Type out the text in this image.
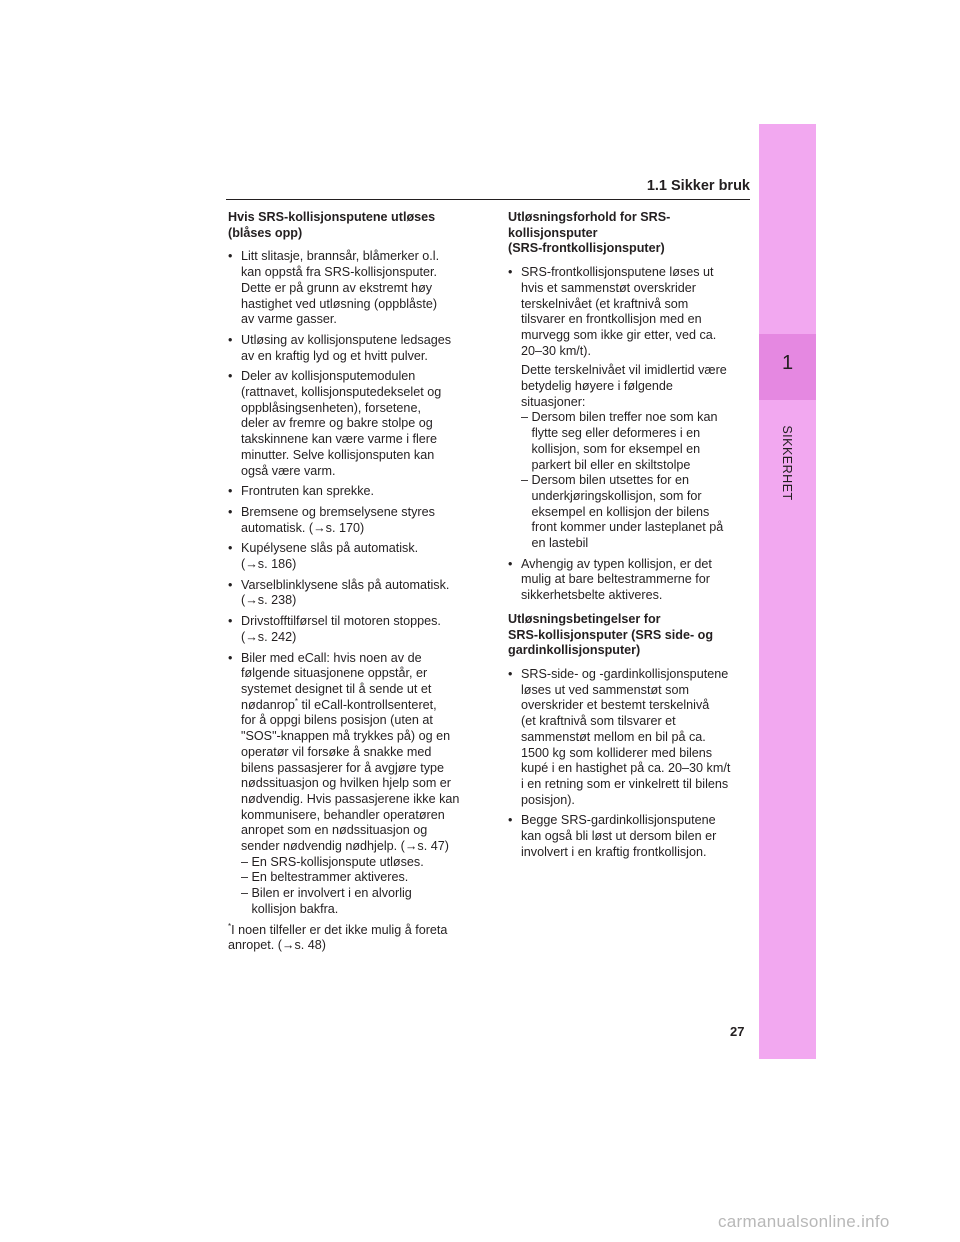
1
SIKKERHET
1.1 Sikker bruk
Hvis SRS-kollisjonsputene utløses
(blåses opp)
• Litt slitasje, brannsår, blåmerker o.l.
kan oppstå fra SRS-kollisjonsputer.
Dette er på grunn av ekstremt høy
hastighet ved utløsning (oppblåste)
av varme gasser.
• Utløsing av kollisjonsputene ledsages
av en kraftig lyd og et hvitt pulver.
• Deler av kollisjonsputemodulen
(rattnavet, kollisjonsputedekselet og
oppblåsingsenheten), forsetene,
deler av fremre og bakre stolpe og
takskinnene kan være varme i flere
minutter. Selve kollisjonsputen kan
også være varm.
• Frontruten kan sprekke.
• Bremsene og bremselysene styres
automatisk. (→s. 170)
• Kupélysene slås på automatisk.
(→s. 186)
• Varselblinklysene slås på automatisk.
(→s. 238)
• Drivstofftilførsel til motoren stoppes.
(→s. 242)
• Biler med eCall: hvis noen av de
følgende situasjonene oppstår, er
systemet designet til å sende ut et
nødanrop* til eCall-kontrollsenteret,
for å oppgi bilens posisjon (uten at
"SOS"-knappen må trykkes på) og en
operatør vil forsøke å snakke med
bilens passasjerer for å avgjøre type
nødssituasjon og hvilken hjelp som er
nødvendig. Hvis passasjerene ikke kan
kommunisere, behandler operatøren
anropet som en nødssituasjon og
sender nødvendig nødhjelp. (→s. 47)
– En SRS-kollisjonspute utløses.
– En beltestrammer aktiveres.
– Bilen er involvert i en alvorlig
kollisjon bakfra.
*I noen tilfeller er det ikke mulig å foreta
anropet. (→s. 48)
Utløsningsforhold for SRS-
kollisjonsputer
(SRS-frontkollisjonsputer)
• SRS-frontkollisjonsputene løses ut
hvis et sammenstøt overskrider
terskelnivået (et kraftnivå som
tilsvarer en frontkollisjon med en
murvegg som ikke gir etter, ved ca.
20–30 km/t).
Dette terskelnivået vil imidlertid være
betydelig høyere i følgende
situasjoner:
– Dersom bilen treffer noe som kan
flytte seg eller deformeres i en
kollisjon, som for eksempel en
parkert bil eller en skiltstolpe
– Dersom bilen utsettes for en
underkjøringskollisjon, som for
eksempel en kollisjon der bilens
front kommer under lasteplanet på
en lastebil
• Avhengig av typen kollisjon, er det
mulig at bare beltestrammerne for
sikkerhetsbelte aktiveres.
Utløsningsbetingelser for
SRS-kollisjonsputer (SRS side- og
gardinkollisjonsputer)
• SRS-side- og -gardinkollisjonsputene
løses ut ved sammenstøt som
overskrider et bestemt terskelnivå
(et kraftnivå som tilsvarer et
sammenstøt mellom en bil på ca.
1500 kg som kolliderer med bilens
kupé i en hastighet på ca. 20–30 km/t
i en retning som er vinkelrett til bilens
posisjon).
• Begge SRS-gardinkollisjonsputene
kan også bli løst ut dersom bilen er
involvert i en kraftig frontkollisjon.
27
carmanualsonline.info
